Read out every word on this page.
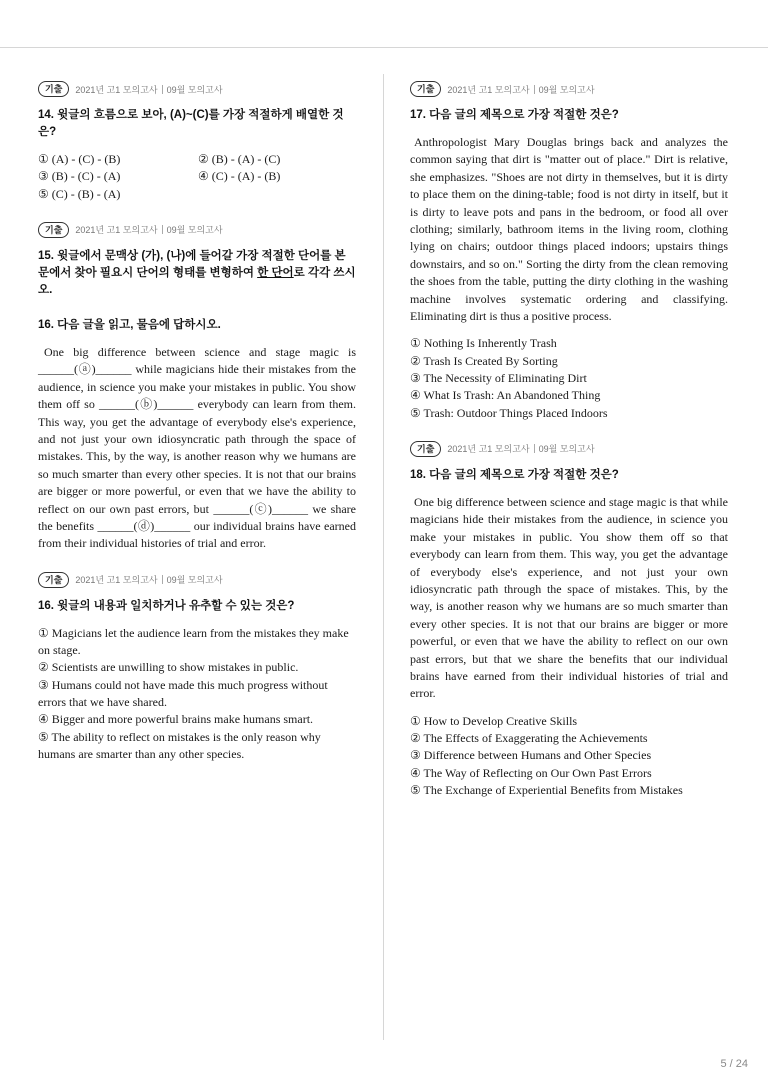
기출	2021년 고1 모의고사 09월 모의고사
14. 윗글의 흐름으로 보아, (A)~(C)를 가장 적절하게 배열한 것은?
① (A) - (C) - (B)	② (B) - (A) - (C)
③ (B) - (C) - (A)	④ (C) - (A) - (B)
⑤ (C) - (B) - (A)
기출	2021년 고1 모의고사 09월 모의고사
15. 윗글에서 문맥상 (가), (나)에 들어갈 가장 적절한 단어를 본문에서 찾아 필요시 단어의 형태를 변형하여 한 단어로 각각 쓰시오.
16. 다음 글을 읽고, 물음에 답하시오.

One big difference between science and stage magic is ______(ⓐ)______ while magicians hide their mistakes from the audience, in science you make your mistakes in public. You show them off so ______(ⓑ)______ everybody can learn from them. This way, you get the advantage of everybody else's experience, and not just your own idiosyncratic path through the space of mistakes. This, by the way, is another reason why we humans are so much smarter than every other species. It is not that our brains are bigger or more powerful, or even that we have the ability to reflect on our own past errors, but ______(ⓒ)______ we share the benefits ______(ⓓ)______ our individual brains have earned from their individual histories of trial and error.

기출	2021년 고1 모의고사 09월 모의고사
16. 윗글의 내용과 일치하거나 유추할 수 있는 것은?
① Magicians let the audience learn from the mistakes they make on stage.
② Scientists are unwilling to show mistakes in public.
③ Humans could not have made this much progress without errors that we have shared.
④ Bigger and more powerful brains make humans smart.
⑤ The ability to reflect on mistakes is the only reason why humans are smarter than any other species.
기출	2021년 고1 모의고사 09월 모의고사
17. 다음 글의 제목으로 가장 적절한 것은?

Anthropologist Mary Douglas brings back and analyzes the common saying that dirt is "matter out of place." Dirt is relative, she emphasizes. "Shoes are not dirty in themselves, but it is dirty to place them on the dining-table; food is not dirty in itself, but it is dirty to leave pots and pans in the bedroom, or food all over clothing; similarly, bathroom items in the living room, clothing lying on chairs; outdoor things placed indoors; upstairs things downstairs, and so on." Sorting the dirty from the clean removing the shoes from the table, putting the dirty clothing in the washing machine involves systematic ordering and classifying. Eliminating dirt is thus a positive process.

① Nothing Is Inherently Trash
② Trash Is Created By Sorting
③ The Necessity of Eliminating Dirt
④ What Is Trash: An Abandoned Thing
⑤ Trash: Outdoor Things Placed Indoors
기출	2021년 고1 모의고사 09월 모의고사
18. 다음 글의 제목으로 가장 적절한 것은?

One big difference between science and stage magic is that while magicians hide their mistakes from the audience, in science you make your mistakes in public. You show them off so that everybody can learn from them. This way, you get the advantage of everybody else's experience, and not just your own idiosyncratic path through the space of mistakes. This, by the way, is another reason why we humans are so much smarter than every other species. It is not that our brains are bigger or more powerful, or even that we have the ability to reflect on our own past errors, but that we share the benefits that our individual brains have earned from their individual histories of trial and error.

① How to Develop Creative Skills
② The Effects of Exaggerating the Achievements
③ Difference between Humans and Other Species
④ The Way of Reflecting on Our Own Past Errors
⑤ The Exchange of Experiential Benefits from Mistakes
5 / 24
